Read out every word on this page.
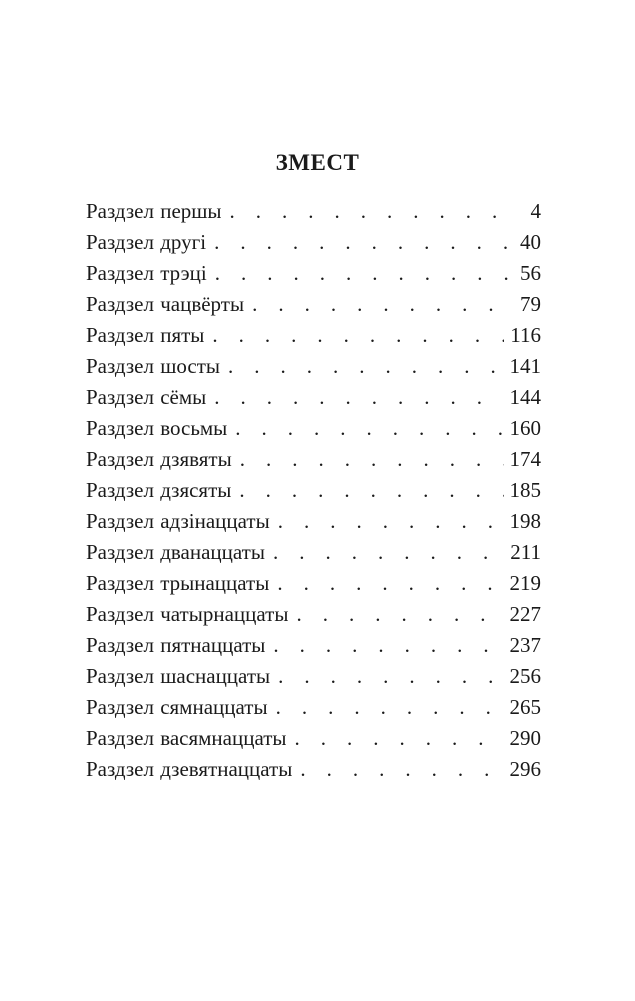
ЗМЕСТ
Раздзел першы .	4
Раздзел другі .	40
Раздзел трэці .	56
Раздзел чацвёрты .	79
Раздзел пяты .	116
Раздзел шосты .	141
Раздзел сёмы .	144
Раздзел восьмы .	160
Раздзел дзявяты .	174
Раздзел дзясяты .	185
Раздзел адзінаццаты .	198
Раздзел дванаццаты .	211
Раздзел трынаццаты .	219
Раздзел чатырнаццаты .	227
Раздзел пятнаццаты .	237
Раздзел шаснаццаты .	256
Раздзел сямнаццаты .	265
Раздзел васямнаццаты .	290
Раздзел дзевятнаццаты .	296
